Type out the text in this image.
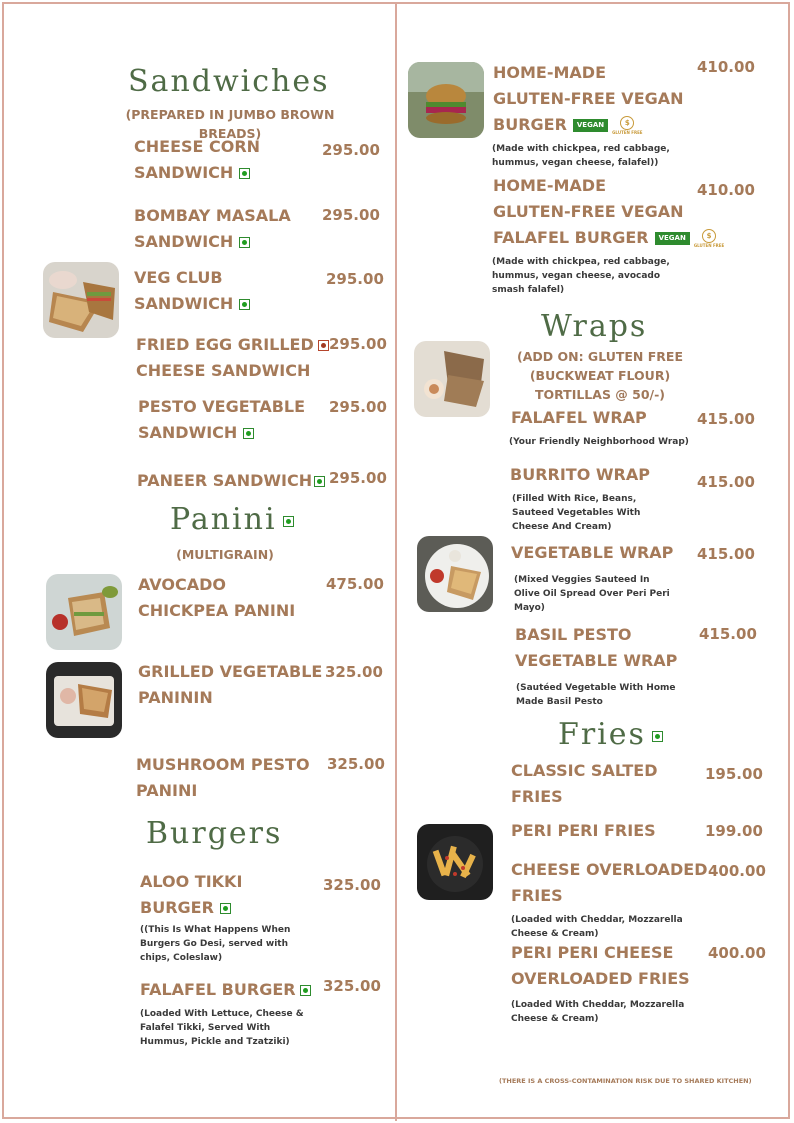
Sandwiches
(PREPARED IN JUMBO BROWN BREADS)
CHEESE CORN
SANDWICH
295.00
BOMBAY MASALA
SANDWICH
295.00
VEG CLUB
SANDWICH
295.00
FRIED EGG GRILLED
CHEESE SANDWICH
295.00
PESTO VEGETABLE
SANDWICH
295.00
PANEER SANDWICH	295.00
Panini
(MULTIGRAIN)
AVOCADO
CHICKPEA PANINI
475.00
GRILLED VEGETABLE
PANININ
325.00
MUSHROOM PESTO
PANINI
325.00
Burgers
ALOO TIKKI
BURGER
325.00
((This Is What Happens When
Burgers Go Desi, served with
chips, Coleslaw)
FALAFEL BURGER	325.00
(Loaded With Lettuce, Cheese &
Falafel Tikki, Served With
Hummus, Pickle and Tzatziki)
HOME-MADE
GLUTEN-FREE VEGAN
BURGER VEGAN	$
GLUTEN FREE
410.00
(Made with chickpea, red cabbage,
hummus, vegan cheese, falafel))
HOME-MADE
GLUTEN-FREE VEGAN
FALAFEL BURGER VEGAN	$
GLUTEN FREE
410.00
(Made with chickpea, red cabbage,
hummus, vegan cheese, avocado
smash falafel)
Wraps
(ADD ON: GLUTEN FREE
(BUCKWEAT FLOUR)
TORTILLAS @ 50/-)
FALAFEL WRAP	415.00
(Your Friendly Neighborhood Wrap)
BURRITO WRAP	415.00
(Filled With Rice, Beans,
Sauteed Vegetables With
Cheese And Cream)
VEGETABLE WRAP 415.00
(Mixed Veggies Sauteed In
Olive Oil Spread Over Peri Peri
Mayo)
BASIL PESTO
VEGETABLE WRAP
415.00
(Sautéed Vegetable With Home
Made Basil Pesto
Fries
CLASSIC SALTED
FRIES
195.00
PERI PERI FRIES	199.00
CHEESE OVERLOADED
FRIES
400.00
(Loaded with Cheddar, Mozzarella
Cheese & Cream)
PERI PERI CHEESE
OVERLOADED FRIES
400.00
(Loaded With Cheddar, Mozzarella
Cheese & Cream)
(THERE IS A CROSS-CONTAMINATION RISK DUE TO SHARED KITCHEN)
